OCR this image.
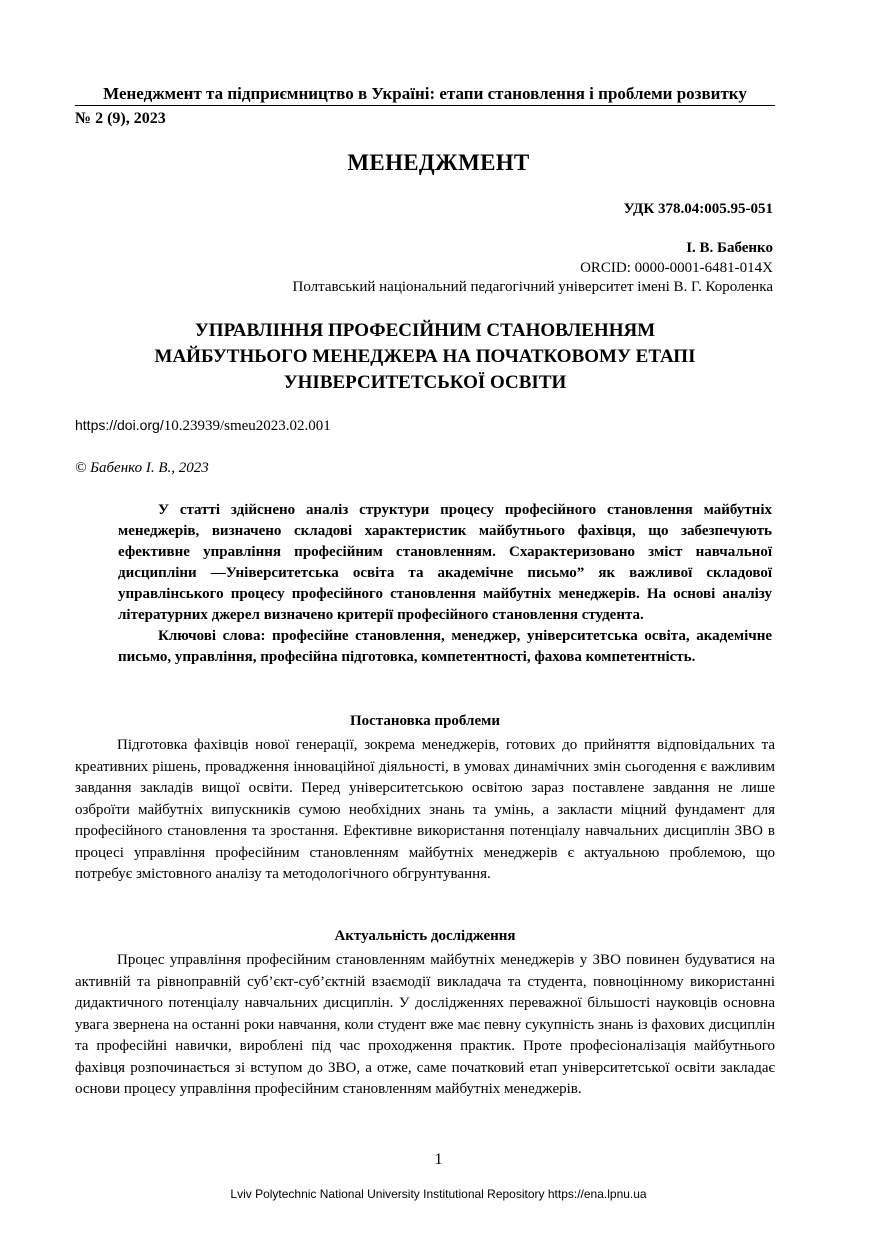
Менеджмент та підприємництво в Україні: етапи становлення і проблеми розвитку
№ 2 (9), 2023
МЕНЕДЖМЕНТ
УДК 378.04:005.95-051
І. В. Бабенко
ORCID: 0000-0001-6481-014X
Полтавський національний педагогічний університет імені В. Г. Короленка
УПРАВЛІННЯ ПРОФЕСІЙНИМ СТАНОВЛЕННЯМ
МАЙБУТНЬОГО МЕНЕДЖЕРА НА ПОЧАТКОВОМУ ЕТАПІ
УНІВЕРСИТЕТСЬКОЇ ОСВІТИ
https://doi.org/10.23939/smeu2023.02.001
© Бабенко І. В., 2023

У статті здійснено аналіз структури процесу професійного становлення майбутніх менеджерів, визначено складові характеристик майбутнього фахівця, що забезпечують ефективне управління професійним становленням. Схарактеризовано зміст навчальної дисципліни ―Університетська освіта та академічне письмо” як важливої складової управлінського процесу професійного становлення майбутніх менеджерів. На основі аналізу літературних джерел визначено критерії професійного становлення студента.

Ключові слова: професійне становлення, менеджер, університетська освіта, академічне письмо, управління, професійна підготовка, компетентності, фахова компетентність.

Постановка проблеми

Підготовка фахівців нової генерації, зокрема менеджерів, готових до прийняття відповідальних та креативних рішень, провадження інноваційної діяльності, в умовах динамічних змін сьогодення є важливим завдання закладів вищої освіти. Перед університетською освітою зараз поставлене завдання не лише озброїти майбутніх випускників сумою необхідних знань та умінь, а закласти міцний фундамент для професійного становлення та зростання. Ефективне використання потенціалу навчальних дисциплін ЗВО в процесі управління професійним становленням майбутніх менеджерів є актуальною проблемою, що потребує змістовного аналізу та методологічного обгрунтування.

Актуальність дослідження

Процес управління професійним становленням майбутніх менеджерів у ЗВО повинен будуватися на активній та рівноправній суб’єкт-суб’єктній взаємодії викладача та студента, повноцінному використанні дидактичного потенціалу навчальних дисциплін. У дослідженнях переважної більшості науковців основна увага звернена на останні роки навчання, коли студент вже має певну сукупність знань із фахових дисциплін та професійні навички, вироблені під час проходження практик. Проте професіоналізація майбутнього фахівця розпочинається зі вступом до ЗВО, а отже, саме початковий етап університетської освіти закладає основи процесу управління професійним становленням майбутніх менеджерів.

1
Lviv Polytechnic National University Institutional Repository https://ena.lpnu.ua
